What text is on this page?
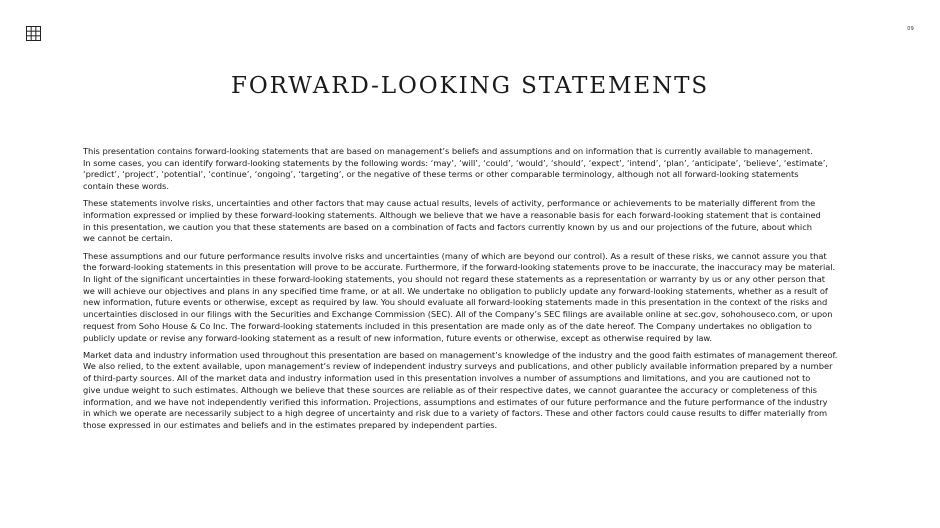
09
FORWARD-LOOKING STATEMENTS

This presentation contains forward-looking statements that are based on management’s beliefs and assumptions and on information that is currently available to management.
In some cases, you can identify forward-looking statements by the following words: ‘may’, ‘will’, ‘could’, ‘would’, ‘should’, ‘expect’, ‘intend’, ‘plan’, ‘anticipate’, ‘believe’, ‘estimate’,
‘predict’, ‘project’, ‘potential’, ‘continue’, ‘ongoing’, ‘targeting’, or the negative of these terms or other comparable terminology, although not all forward-looking statements
contain these words.

These statements involve risks, uncertainties and other factors that may cause actual results, levels of activity, performance or achievements to be materially different from the
information expressed or implied by these forward-looking statements. Although we believe that we have a reasonable basis for each forward-looking statement that is contained
in this presentation, we caution you that these statements are based on a combination of facts and factors currently known by us and our projections of the future, about which
we cannot be certain.

These assumptions and our future performance results involve risks and uncertainties (many of which are beyond our control). As a result of these risks, we cannot assure you that
the forward-looking statements in this presentation will prove to be accurate. Furthermore, if the forward-looking statements prove to be inaccurate, the inaccuracy may be material.
In light of the significant uncertainties in these forward-looking statements, you should not regard these statements as a representation or warranty by us or any other person that
we will achieve our objectives and plans in any specified time frame, or at all. We undertake no obligation to publicly update any forward-looking statements, whether as a result of
new information, future events or otherwise, except as required by law. You should evaluate all forward-looking statements made in this presentation in the context of the risks and
uncertainties disclosed in our filings with the Securities and Exchange Commission (SEC). All of the Company’s SEC filings are available online at sec.gov, sohohouseco.com, or upon
request from Soho House & Co Inc. The forward-looking statements included in this presentation are made only as of the date hereof. The Company undertakes no obligation to
publicly update or revise any forward-looking statement as a result of new information, future events or otherwise, except as otherwise required by law.

Market data and industry information used throughout this presentation are based on management’s knowledge of the industry and the good faith estimates of management thereof.
We also relied, to the extent available, upon management’s review of independent industry surveys and publications, and other publicly available information prepared by a number
of third-party sources. All of the market data and industry information used in this presentation involves a number of assumptions and limitations, and you are cautioned not to
give undue weight to such estimates. Although we believe that these sources are reliable as of their respective dates, we cannot guarantee the accuracy or completeness of this
information, and we have not independently verified this information. Projections, assumptions and estimates of our future performance and the future performance of the industry
in which we operate are necessarily subject to a high degree of uncertainty and risk due to a variety of factors. These and other factors could cause results to differ materially from
those expressed in our estimates and beliefs and in the estimates prepared by independent parties.
